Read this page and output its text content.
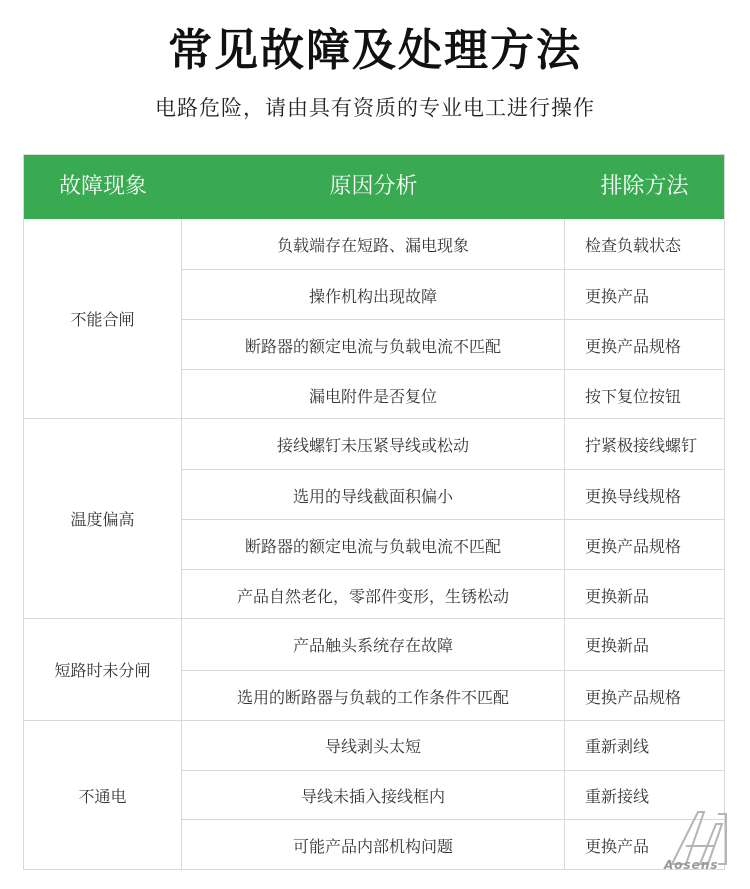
常见故障及处理方法
电路危险，请由具有资质的专业电工进行操作
故障现象	原因分析	排除方法
不能合闸
负载端存在短路、漏电现象	检查负载状态
操作机构出现故障	更换产品
断路器的额定电流与负载电流不匹配	更换产品规格
漏电附件是否复位	按下复位按钮
温度偏高
接线螺钉未压紧导线或松动	拧紧极接线螺钉
选用的导线截面积偏小	更换导线规格
断路器的额定电流与负载电流不匹配	更换产品规格
产品自然老化，零部件变形，生锈松动	更换新品
短路时未分闸
产品触头系统存在故障	更换新品
选用的断路器与负载的工作条件不匹配	更换产品规格
不通电
导线剥头太短	重新剥线
导线未插入接线框内	重新接线
可能产品内部机构问题	更换产品
Aosens
